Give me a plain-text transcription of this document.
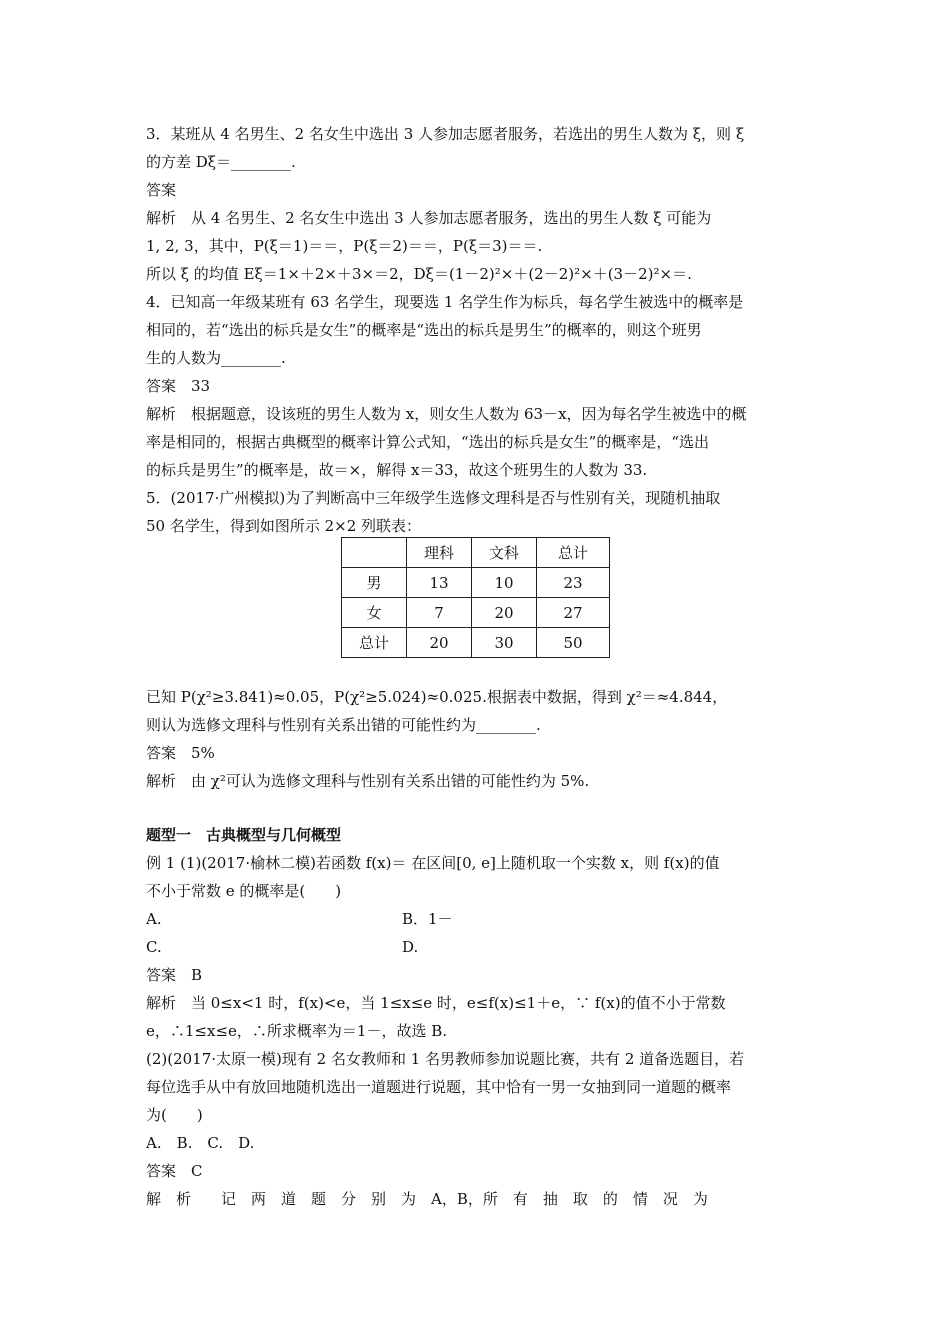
3．某班从 4 名男生、2 名女生中选出 3 人参加志愿者服务，若选出的男生人数为 ξ，则 ξ
的方差 Dξ＝________.
答案
解析　从 4 名男生、2 名女生中选出 3 人参加志愿者服务，选出的男生人数 ξ 可能为
1, 2, 3，其中，P(ξ＝1)＝＝，P(ξ＝2)＝＝，P(ξ＝3)＝＝.
所以 ξ 的均值 Eξ＝1×＋2×＋3×＝2，Dξ＝(1－2)²×＋(2－2)²×＋(3－2)²×＝.
4．已知高一年级某班有 63 名学生，现要选 1 名学生作为标兵，每名学生被选中的概率是
相同的，若“选出的标兵是女生”的概率是“选出的标兵是男生”的概率的，则这个班男
生的人数为________.
答案　33
解析　根据题意，设该班的男生人数为 x，则女生人数为 63－x，因为每名学生被选中的概
率是相同的，根据古典概型的概率计算公式知，“选出的标兵是女生”的概率是，“选出
的标兵是男生”的概率是，故＝×，解得 x＝33，故这个班男生的人数为 33.
5．(2017·广州模拟)为了判断高中三年级学生选修文理科是否与性别有关，现随机抽取
50 名学生，得到如图所示 2×2 列联表：
	理科	文科	总计
男	13	10	23
女	7	20	27
总计	20	30	50
已知 P(χ²≥3.841)≈0.05，P(χ²≥5.024)≈0.025.根据表中数据，得到 χ²＝≈4.844，
则认为选修文理科与性别有关系出错的可能性约为________.
答案　5%
解析　由 χ²可认为选修文理科与性别有关系出错的可能性约为 5%.
题型一　古典概型与几何概型
例 1 (1)(2017·榆林二模)若函数 f(x)＝ 在区间[0, e]上随机取一个实数 x，则 f(x)的值
不小于常数 e 的概率是(　　)
A.	B．1－
C.	D.
答案　B
解析　当 0≤x<1 时，f(x)<e，当 1≤x≤e 时，e≤f(x)≤1＋e，∵ f(x)的值不小于常数
e，∴1≤x≤e，∴所求概率为＝1－，故选 B.
(2)(2017·太原一模)现有 2 名女教师和 1 名男教师参加说题比赛，共有 2 道备选题目，若
每位选手从中有放回地随机选出一道题进行说题，其中恰有一男一女抽到同一道题的概率
为(　　)
A.　B.　C.　D.
答案　C
解　析　　记　两　道　题　分　别　为　A，B，所　有　抽　取　的　情　况　为
